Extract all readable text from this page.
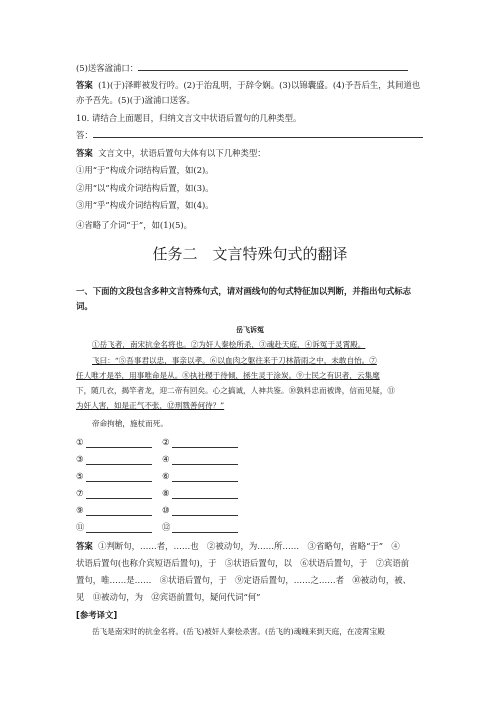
(5)送客湓浦口：
答案 (1)(于)泽畔被发行吟。(2)于治乱明，于辞令娴。(3)以锦囊盛。(4)予吾后生，其间道也
亦予吾先。(5)(于)湓浦口送客。
10. 请结合上面题目，归纳文言文中状语后置句的几种类型。
答：
答案 文言文中，状语后置句大体有以下几种类型：
①用“于”构成介词结构后置，如(2)。
②用“以”构成介词结构后置，如(3)。
③用“乎”构成介词结构后置，如(4)。
④省略了介词“于”，如(1)(5)。
任务二　文言特殊句式的翻译
一、下面的文段包含多种文言特殊句式，请对画线句的句式特征加以判断，并指出句式标志
词。
岳飞诉冤
①岳飞者，南宋抗金名将也。②为奸人秦桧所杀，③魂赴天庭，④诉冤于灵霄殿。
飞曰：“⑤吾事君以忠，事亲以孝。⑥以血肉之躯往来于刀林箭雨之中，未敢自怡。⑦
任人唯才是举，用事唯命是从。⑧执社稷于待倾，拯生灵于涂炭。⑨士民之有识者，云集麾
下，随几衣，揭竿者龙，迎二帝有回矣。心之搞诚，人神共鉴。⑩孰料忠而被谗，信而见疑，⑪
为奸人害，如是正气不张，⑫刑戮善何待？”
帝命拘槍，施杖而死。
①	②
③	④
⑤	⑥
⑦	⑧
⑨	⑩
⑪	⑫
答案 ①判断句，……者，……也　②被动句，为……所……　③省略句，省略“于”　④
状语后置句(也称介宾短语后置句)，于　⑤状语后置句，以　⑥状语后置句，于　⑦宾语前
置句，唯……是……　⑧状语后置句，于　⑨定语后置句，……之……者　⑩被动句，被、
见　⑪被动句，为　⑫宾语前置句，疑问代词“何”
[参考译文]
岳飞是南宋时的抗金名将。(岳飞)被奸人秦桧杀害。(岳飞的)魂魄来到天庭，在凌霄宝殿
